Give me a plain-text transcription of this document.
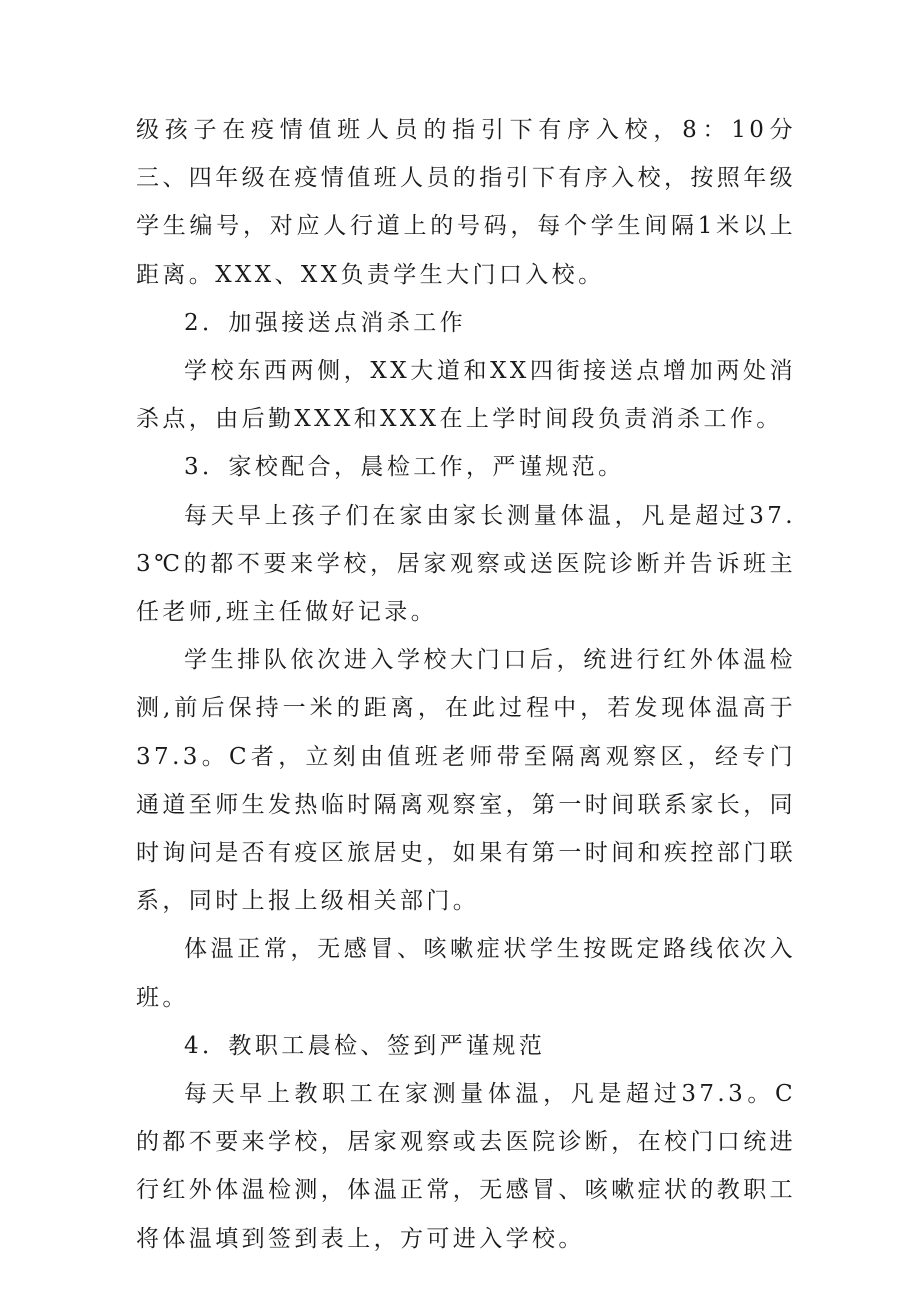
级孩子在疫情值班人员的指引下有序入校，8：10分三、四年级在疫情值班人员的指引下有序入校，按照年级学生编号，对应人行道上的号码，每个学生间隔1米以上距离。XXX、XX负责学生大门口入校。

2．加强接送点消杀工作

学校东西两侧，XX大道和XX四街接送点增加两处消杀点，由后勤XXX和XXX在上学时间段负责消杀工作。

3．家校配合，晨检工作，严谨规范。

每天早上孩子们在家由家长测量体温，凡是超过37.3℃的都不要来学校，居家观察或送医院诊断并告诉班主任老师,班主任做好记录。

学生排队依次进入学校大门口后，统进行红外体温检测,前后保持一米的距离，在此过程中，若发现体温高于37.3。C者，立刻由值班老师带至隔离观察区，经专门通道至师生发热临时隔离观察室，第一时间联系家长，同时询问是否有疫区旅居史，如果有第一时间和疾控部门联系，同时上报上级相关部门。

体温正常，无感冒、咳嗽症状学生按既定路线依次入班。

4．教职工晨检、签到严谨规范

每天早上教职工在家测量体温，凡是超过37.3。C的都不要来学校，居家观察或去医院诊断，在校门口统进行红外体温检测，体温正常，无感冒、咳嗽症状的教职工将体温填到签到表上，方可进入学校。
